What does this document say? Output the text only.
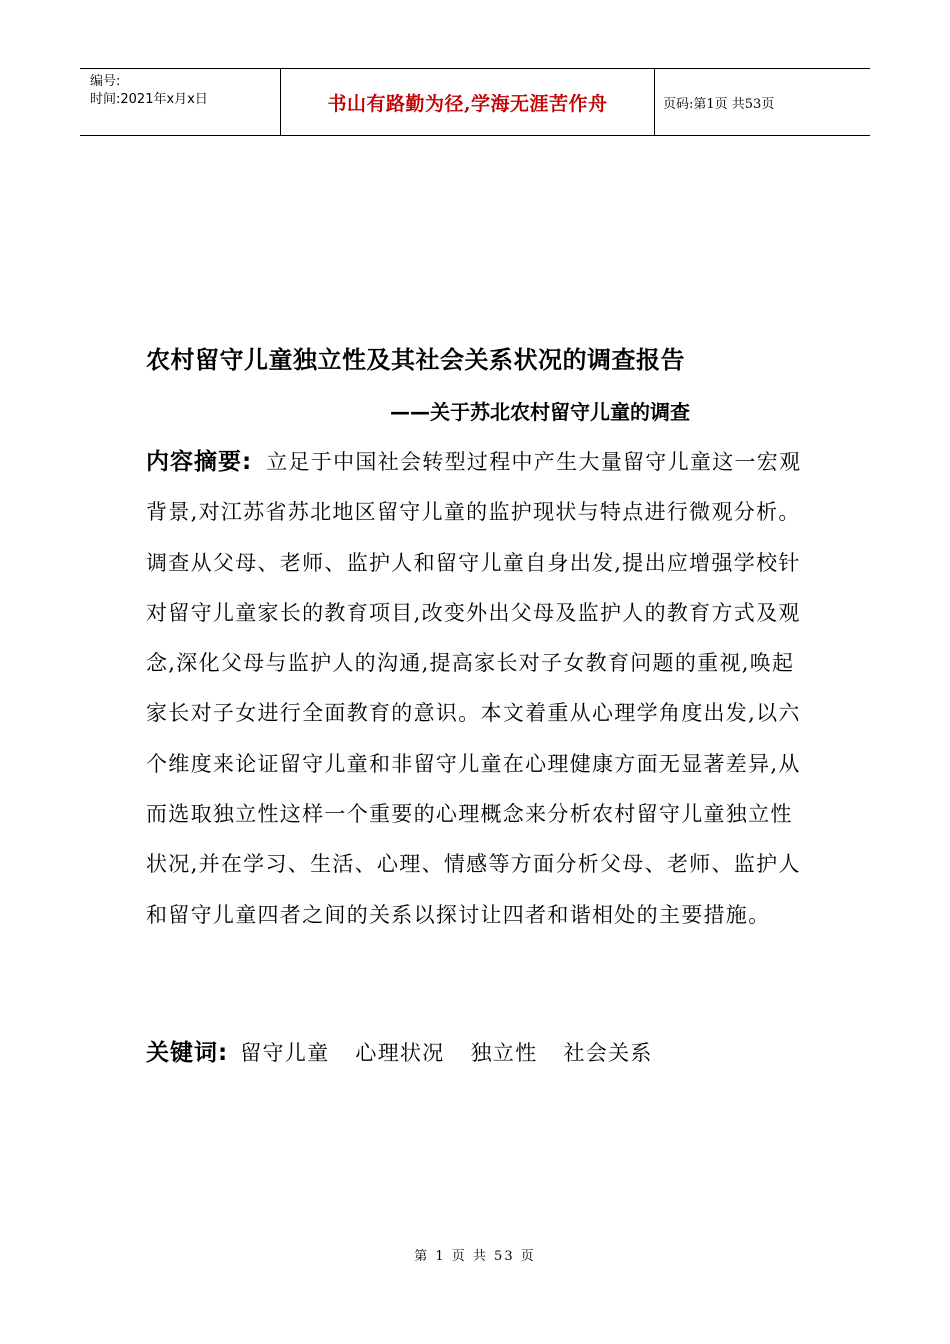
编号:
时间:2021年x月x日	书山有路勤为径,学海无涯苦作舟	页码:第1页 共53页
农村留守儿童独立性及其社会关系状况的调查报告
——关于苏北农村留守儿童的调查
内容摘要: 立足于中国社会转型过程中产生大量留守儿童这一宏观背景,对江苏省苏北地区留守儿童的监护现状与特点进行微观分析。调查从父母、老师、监护人和留守儿童自身出发,提出应增强学校针对留守儿童家长的教育项目,改变外出父母及监护人的教育方式及观念,深化父母与监护人的沟通,提高家长对子女教育问题的重视,唤起家长对子女进行全面教育的意识。本文着重从心理学角度出发,以六个维度来论证留守儿童和非留守儿童在心理健康方面无显著差异,从而选取独立性这样一个重要的心理概念来分析农村留守儿童独立性状况,并在学习、生活、心理、情感等方面分析父母、老师、监护人和留守儿童四者之间的关系以探讨让四者和谐相处的主要措施。
关键词: 留守儿童 心理状况 独立性 社会关系
第 1 页 共 53 页
